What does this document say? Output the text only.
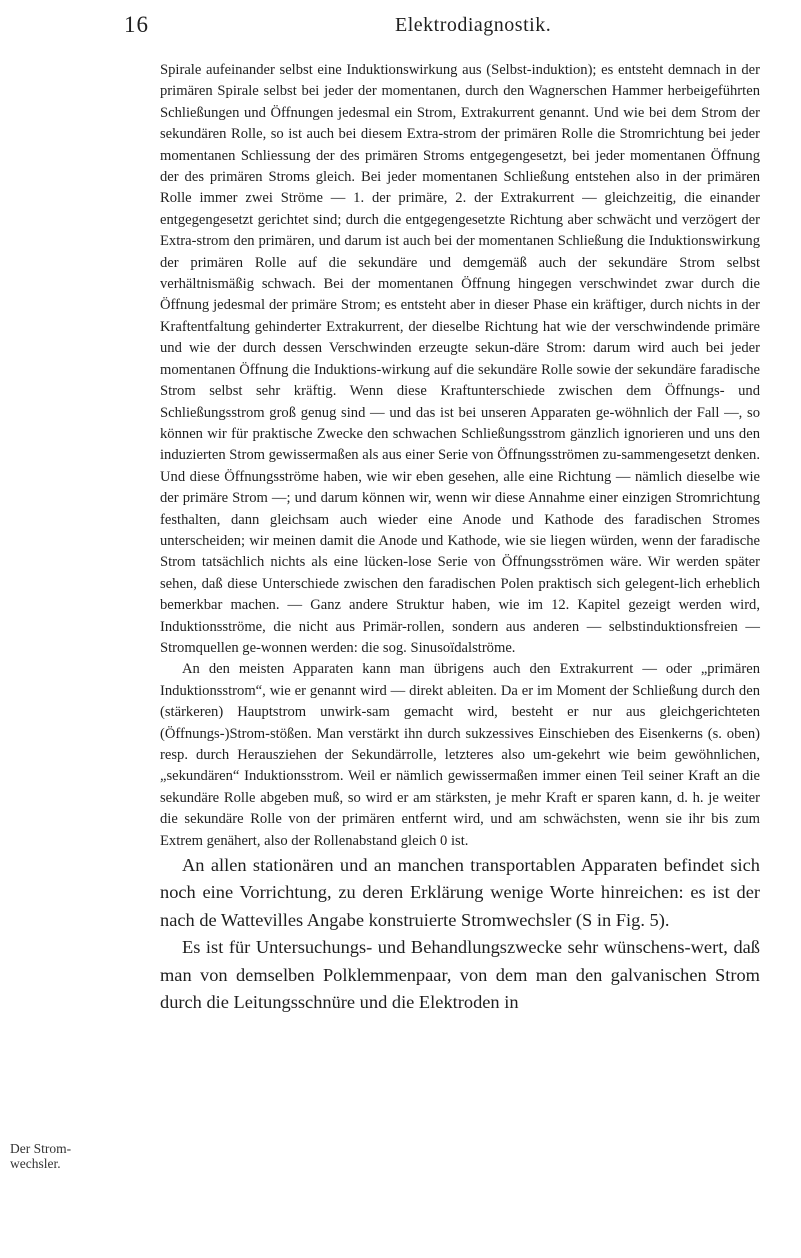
16	Elektrodiagnostik.
Der Strom-wechsler.

Spirale aufeinander selbst eine Induktionswirkung aus (Selbst-induktion); es entsteht demnach in der primären Spirale selbst bei jeder der momentanen, durch den Wagnerschen Hammer herbeigeführten Schließungen und Öffnungen jedesmal ein Strom, Extrakurrent genannt. Und wie bei dem Strom der sekundären Rolle, so ist auch bei diesem Extra-strom der primären Rolle die Stromrichtung bei jeder momentanen Schliessung der des primären Stroms entgegengesetzt, bei jeder momentanen Öffnung der des primären Stroms gleich. Bei jeder momentanen Schließung entstehen also in der primären Rolle immer zwei Ströme — 1. der primäre, 2. der Extrakurrent — gleichzeitig, die einander entgegengesetzt gerichtet sind; durch die entgegengesetzte Richtung aber schwächt und verzögert der Extra-strom den primären, und darum ist auch bei der momentanen Schließung die Induktionswirkung der primären Rolle auf die sekundäre und demgemäß auch der sekundäre Strom selbst verhältnismäßig schwach. Bei der momentanen Öffnung hingegen verschwindet zwar durch die Öffnung jedesmal der primäre Strom; es entsteht aber in dieser Phase ein kräftiger, durch nichts in der Kraftentfaltung gehinderter Extrakurrent, der dieselbe Richtung hat wie der verschwindende primäre und wie der durch dessen Verschwinden erzeugte sekun-däre Strom: darum wird auch bei jeder momentanen Öffnung die Induktions-wirkung auf die sekundäre Rolle sowie der sekundäre faradische Strom selbst sehr kräftig. Wenn diese Kraftunterschiede zwischen dem Öffnungs- und Schließungsstrom groß genug sind — und das ist bei unseren Apparaten ge-wöhnlich der Fall —, so können wir für praktische Zwecke den schwachen Schließungsstrom gänzlich ignorieren und uns den induzierten Strom gewissermaßen als aus einer Serie von Öffnungsströmen zu-sammengesetzt denken. Und diese Öffnungsströme haben, wie wir eben gesehen, alle eine Richtung — nämlich dieselbe wie der primäre Strom —; und darum können wir, wenn wir diese Annahme einer einzigen Stromrichtung festhalten, dann gleichsam auch wieder eine Anode und Kathode des faradischen Stromes unterscheiden; wir meinen damit die Anode und Kathode, wie sie liegen würden, wenn der faradische Strom tatsächlich nichts als eine lücken-lose Serie von Öffnungsströmen wäre. Wir werden später sehen, daß diese Unterschiede zwischen den faradischen Polen praktisch sich gelegent-lich erheblich bemerkbar machen. — Ganz andere Struktur haben, wie im 12. Kapitel gezeigt werden wird, Induktionsströme, die nicht aus Primär-rollen, sondern aus anderen — selbstinduktionsfreien — Stromquellen ge-wonnen werden: die sog. Sinusoïdalströme.

An den meisten Apparaten kann man übrigens auch den Extrakurrent — oder „primären Induktionsstrom“, wie er genannt wird — direkt ableiten. Da er im Moment der Schließung durch den (stärkeren) Hauptstrom unwirk-sam gemacht wird, besteht er nur aus gleichgerichteten (Öffnungs-)Strom-stößen. Man verstärkt ihn durch sukzessives Einschieben des Eisenkerns (s. oben) resp. durch Herausziehen der Sekundärrolle, letzteres also um-gekehrt wie beim gewöhnlichen, „sekundären“ Induktionsstrom. Weil er nämlich gewissermaßen immer einen Teil seiner Kraft an die sekundäre Rolle abgeben muß, so wird er am stärksten, je mehr Kraft er sparen kann, d. h. je weiter die sekundäre Rolle von der primären entfernt wird, und am schwächsten, wenn sie ihr bis zum Extrem genähert, also der Rollenabstand gleich 0 ist.

An allen stationären und an manchen transportablen Apparaten befindet sich noch eine Vorrichtung, zu deren Erklärung wenige Worte hinreichen: es ist der nach de Wattevilles Angabe konstruierte Stromwechsler (S in Fig. 5).

Es ist für Untersuchungs- und Behandlungszwecke sehr wünschens-wert, daß man von demselben Polklemmenpaar, von dem man den galvanischen Strom durch die Leitungsschnüre und die Elektroden in
